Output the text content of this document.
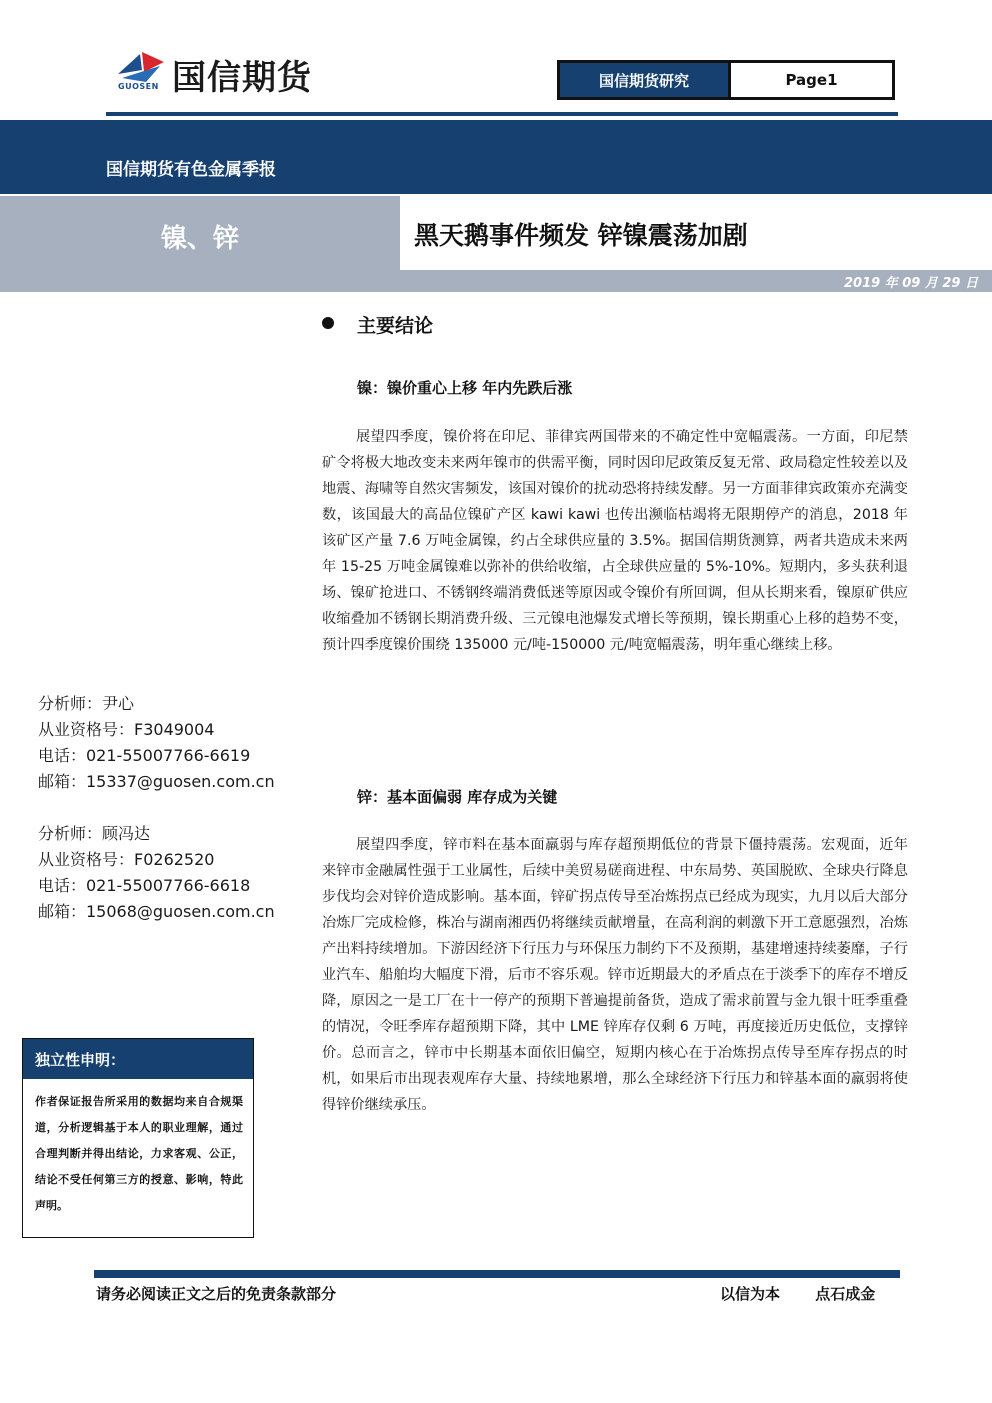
国信期货
GUOSEN	国信期货研究	Page1
国信期货有色金属季报
镍、锌	黑天鹅事件频发 锌镍震荡加剧
2019 年 09 月 29 日
主要结论
镍：镍价重心上移 年内先跌后涨
展望四季度，镍价将在印尼、菲律宾两国带来的不确定性中宽幅震荡。一方面，印尼禁矿令将极大地改变未来两年镍市的供需平衡，同时因印尼政策反复无常、政局稳定性较差以及地震、海啸等自然灾害频发，该国对镍价的扰动恐将持续发酵。另一方面菲律宾政策亦充满变数，该国最大的高品位镍矿产区 kawi kawi 也传出濒临枯竭将无限期停产的消息，2018 年该矿区产量 7.6 万吨金属镍，约占全球供应量的 3.5%。据国信期货测算，两者共造成未来两年 15-25 万吨金属镍难以弥补的供给收缩，占全球供应量的 5%-10%。短期内，多头获利退场、镍矿抢进口、不锈钢终端消费低迷等原因或令镍价有所回调，但从长期来看，镍原矿供应收缩叠加不锈钢长期消费升级、三元镍电池爆发式增长等预期，镍长期重心上移的趋势不变，预计四季度镍价围绕 135000 元/吨-150000 元/吨宽幅震荡，明年重心继续上移。
锌：基本面偏弱 库存成为关键
展望四季度，锌市料在基本面羸弱与库存超预期低位的背景下僵持震荡。宏观面，近年来锌市金融属性强于工业属性，后续中美贸易磋商进程、中东局势、英国脱欧、全球央行降息步伐均会对锌价造成影响。基本面，锌矿拐点传导至冶炼拐点已经成为现实，九月以后大部分冶炼厂完成检修，株冶与湖南湘西仍将继续贡献增量，在高利润的刺激下开工意愿强烈，冶炼产出料持续增加。下游因经济下行压力与环保压力制约下不及预期，基建增速持续萎靡，子行业汽车、船舶均大幅度下滑，后市不容乐观。锌市近期最大的矛盾点在于淡季下的库存不增反降，原因之一是工厂在十一停产的预期下普遍提前备货，造成了需求前置与金九银十旺季重叠的情况，令旺季库存超预期下降，其中 LME 锌库存仅剩 6 万吨，再度接近历史低位，支撑锌价。总而言之，锌市中长期基本面依旧偏空，短期内核心在于冶炼拐点传导至库存拐点的时机，如果后市出现表观库存大量、持续地累增，那么全球经济下行压力和锌基本面的羸弱将使得锌价继续承压。
分析师：尹心
从业资格号：F3049004
电话：021-55007766-6619
邮箱：15337@guosen.com.cn
分析师：顾冯达
从业资格号：F0262520
电话：021-55007766-6618
邮箱：15068@guosen.com.cn
独立性申明：
作者保证报告所采用的数据均来自合规渠道，分析逻辑基于本人的职业理解，通过合理判断并得出结论，力求客观、公正，结论不受任何第三方的授意、影响，特此声明。
请务必阅读正文之后的免责条款部分	以信为本 点石成金
